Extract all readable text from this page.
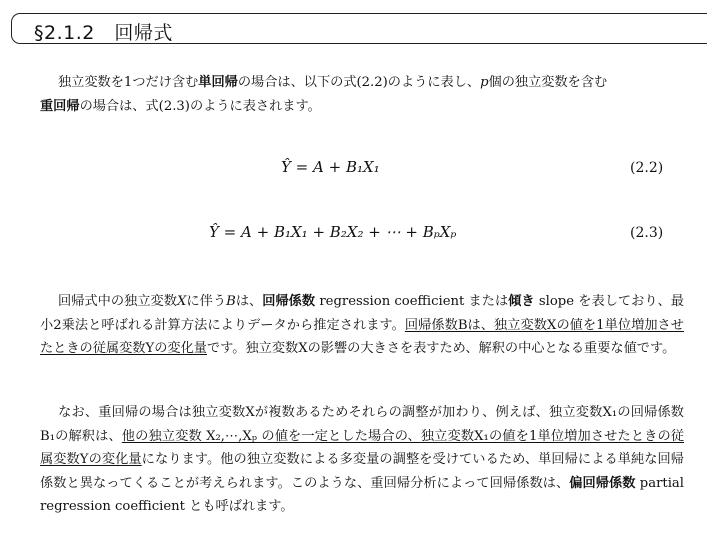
§2.1.2　回帰式
独立変数を1つだけ含む単回帰の場合は、以下の式(2.2)のように表し、p個の独立変数を含む
重回帰の場合は、式(2.3)のように表されます。
Ŷ = A + B₁X₁	(2.2)
Ŷ = A + B₁X₁ + B₂X₂ + ⋯ + BₚXₚ	(2.3)
回帰式中の独立変数Xに伴うBは、回帰係数 regression coefficient または傾き slope を表しており、最小2乗法と呼ばれる計算方法によりデータから推定されます。回帰係数Bは、独立変数Xの値を1単位増加させたときの従属変数Yの変化量です。独立変数Xの影響の大きさを表すため、解釈の中心となる重要な値です。
なお、重回帰の場合は独立変数Xが複数あるためそれらの調整が加わり、例えば、独立変数X₁の回帰係数B₁の解釈は、他の独立変数 X₂,⋯,Xₚ の値を一定とした場合の、独立変数X₁の値を1単位増加させたときの従属変数Yの変化量になります。他の独立変数による多変量の調整を受けているため、単回帰による単純な回帰係数と異なってくることが考えられます。このような、重回帰分析によって回帰係数は、偏回帰係数 partial regression coefficient とも呼ばれます。
